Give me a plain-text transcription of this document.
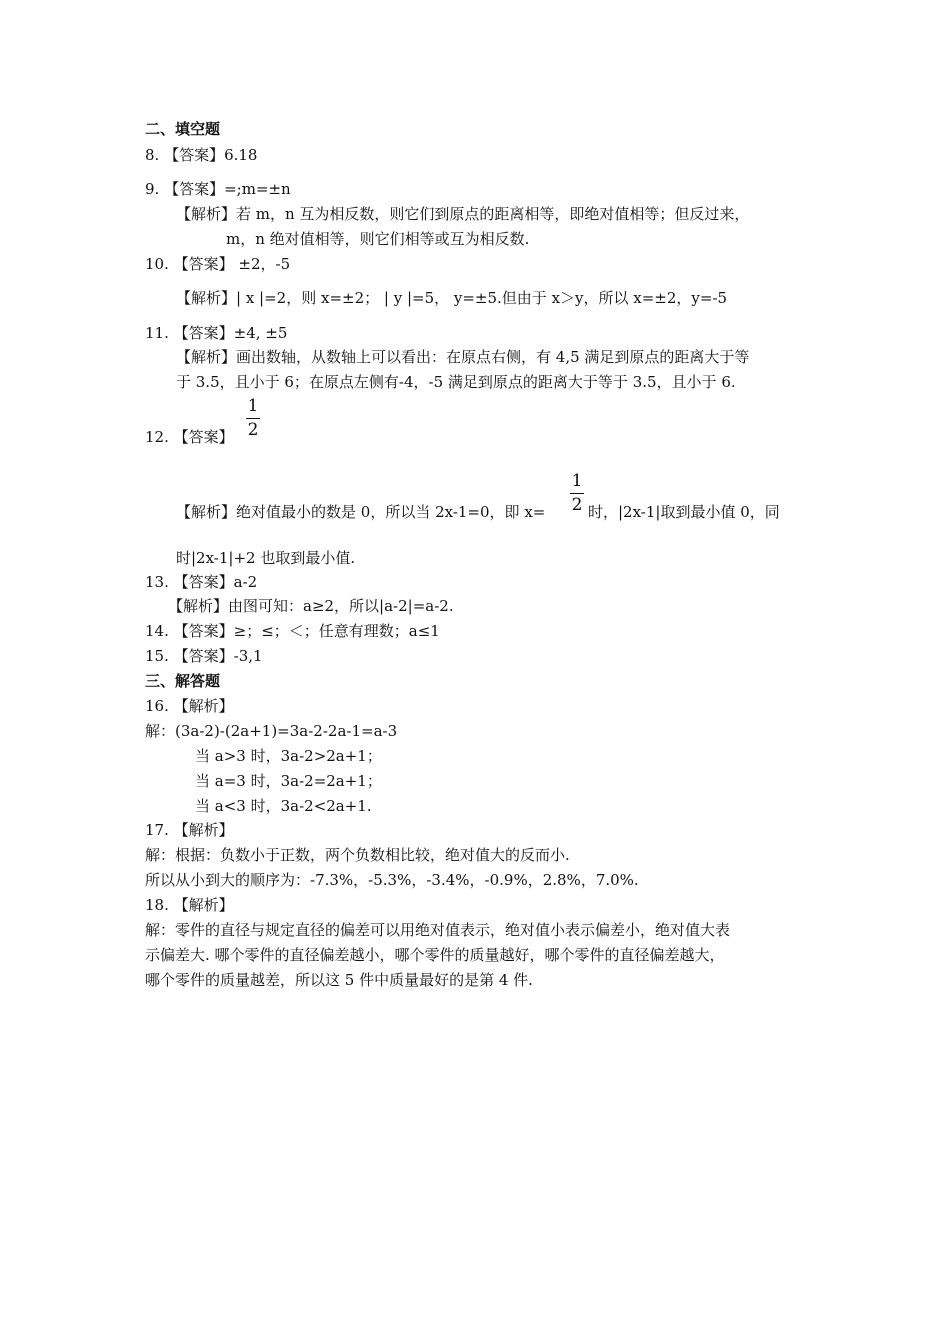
二、填空题
8. 【答案】6.18
9. 【答案】=;m=±n
【解析】若 m，n 互为相反数，则它们到原点的距离相等，即绝对值相等；但反过来，
m，n 绝对值相等，则它们相等或互为相反数.
10. 【答案】 ±2，-5
【解析】| x |=2，则 x=±2； | y |=5， y=±5.但由于 x＞y，所以 x=±2，y=-5
11. 【答案】±4, ±5
【解析】画出数轴，从数轴上可以看出：在原点右侧，有 4,5 满足到原点的距离大于等
于 3.5，且小于 6；在原点左侧有-4，-5 满足到原点的距离大于等于 3.5，且小于 6.
12. 【答案】
1
2
【解析】绝对值最小的数是 0，所以当 2x-1=0，即 x=
1
2 时，|2x-1|取到最小值 0，同
时|2x-1|+2 也取到最小值.
13. 【答案】a-2
【解析】由图可知：a≥2，所以|a-2|=a-2.
14. 【答案】≥；≤；＜；任意有理数；a≤1
15. 【答案】-3,1
三、解答题
16. 【解析】
解：(3a-2)-(2a+1)=3a-2-2a-1=a-3
当 a>3 时，3a-2>2a+1；
当 a=3 时，3a-2=2a+1；
当 a<3 时，3a-2<2a+1.
17. 【解析】
解：根据：负数小于正数，两个负数相比较，绝对值大的反而小.
所以从小到大的顺序为：-7.3%，-5.3%，-3.4%，-0.9%，2.8%，7.0%.
18. 【解析】
解：零件的直径与规定直径的偏差可以用绝对值表示，绝对值小表示偏差小，绝对值大表
示偏差大. 哪个零件的直径偏差越小，哪个零件的质量越好，哪个零件的直径偏差越大，
哪个零件的质量越差，所以这 5 件中质量最好的是第 4 件.
